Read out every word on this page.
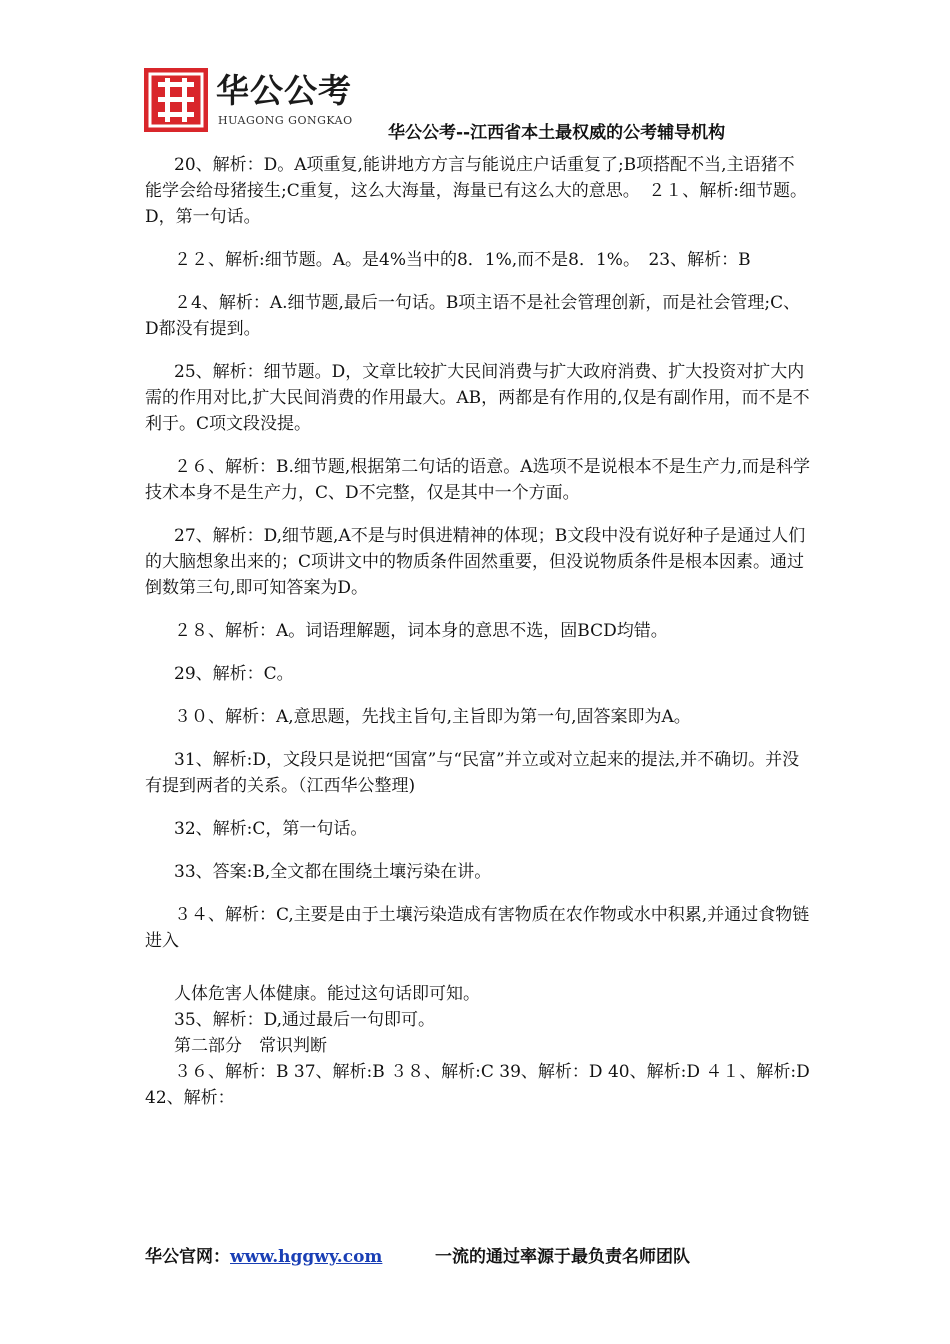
华公公考
HUAGONG GONGKAO
华公公考--江西省本土最权威的公考辅导机构

20、解析：D。A项重复,能讲地方方言与能说庄户话重复了;B项搭配不当,主语猪不能学会给母猪接生;C重复，这么大海量，海量已有这么大的意思。　２１、解析:细节题。D，第一句话。

２２、解析:细节题。A。是4%当中的8．1%,而不是8．1%。　23、解析：B

２4、解析：A.细节题,最后一句话。B项主语不是社会管理创新，而是社会管理;C、D都没有提到。

25、解析：细节题。D，文章比较扩大民间消费与扩大政府消费、扩大投资对扩大内需的作用对比,扩大民间消费的作用最大。AB，两都是有作用的,仅是有副作用，而不是不利于。C项文段没提。

２６、解析：B.细节题,根据第二句话的语意。A选项不是说根本不是生产力,而是科学技术本身不是生产力，C、D不完整，仅是其中一个方面。

27、解析：D,细节题,A不是与时俱进精神的体现；B文段中没有说好种子是通过人们的大脑想象出来的；C项讲文中的物质条件固然重要，但没说物质条件是根本因素。通过倒数第三句,即可知答案为D。

２８、解析：A。词语理解题，词本身的意思不选，固BCD均错。

29、解析：C。

３０、解析：A,意思题，先找主旨句,主旨即为第一句,固答案即为A。

31、解析:D，文段只是说把“国富”与“民富”并立或对立起来的提法,并不确切。并没有提到两者的关系。（江西华公整理)

32、解析:C，第一句话。

33、答案:B,全文都在围绕土壤污染在讲。

３４、解析：C,主要是由于土壤污染造成有害物质在农作物或水中积累,并通过食物链进入

人体危害人体健康。能过这句话即可知。

35、解析：D,通过最后一句即可。

第二部分　常识判断

３６、解析：B 37、解析:B ３８、解析:C 39、解析：D 40、解析:D ４１、解析:D 42、解析：

华公官网：www.hggwy.com	一流的通过率源于最负责名师团队
